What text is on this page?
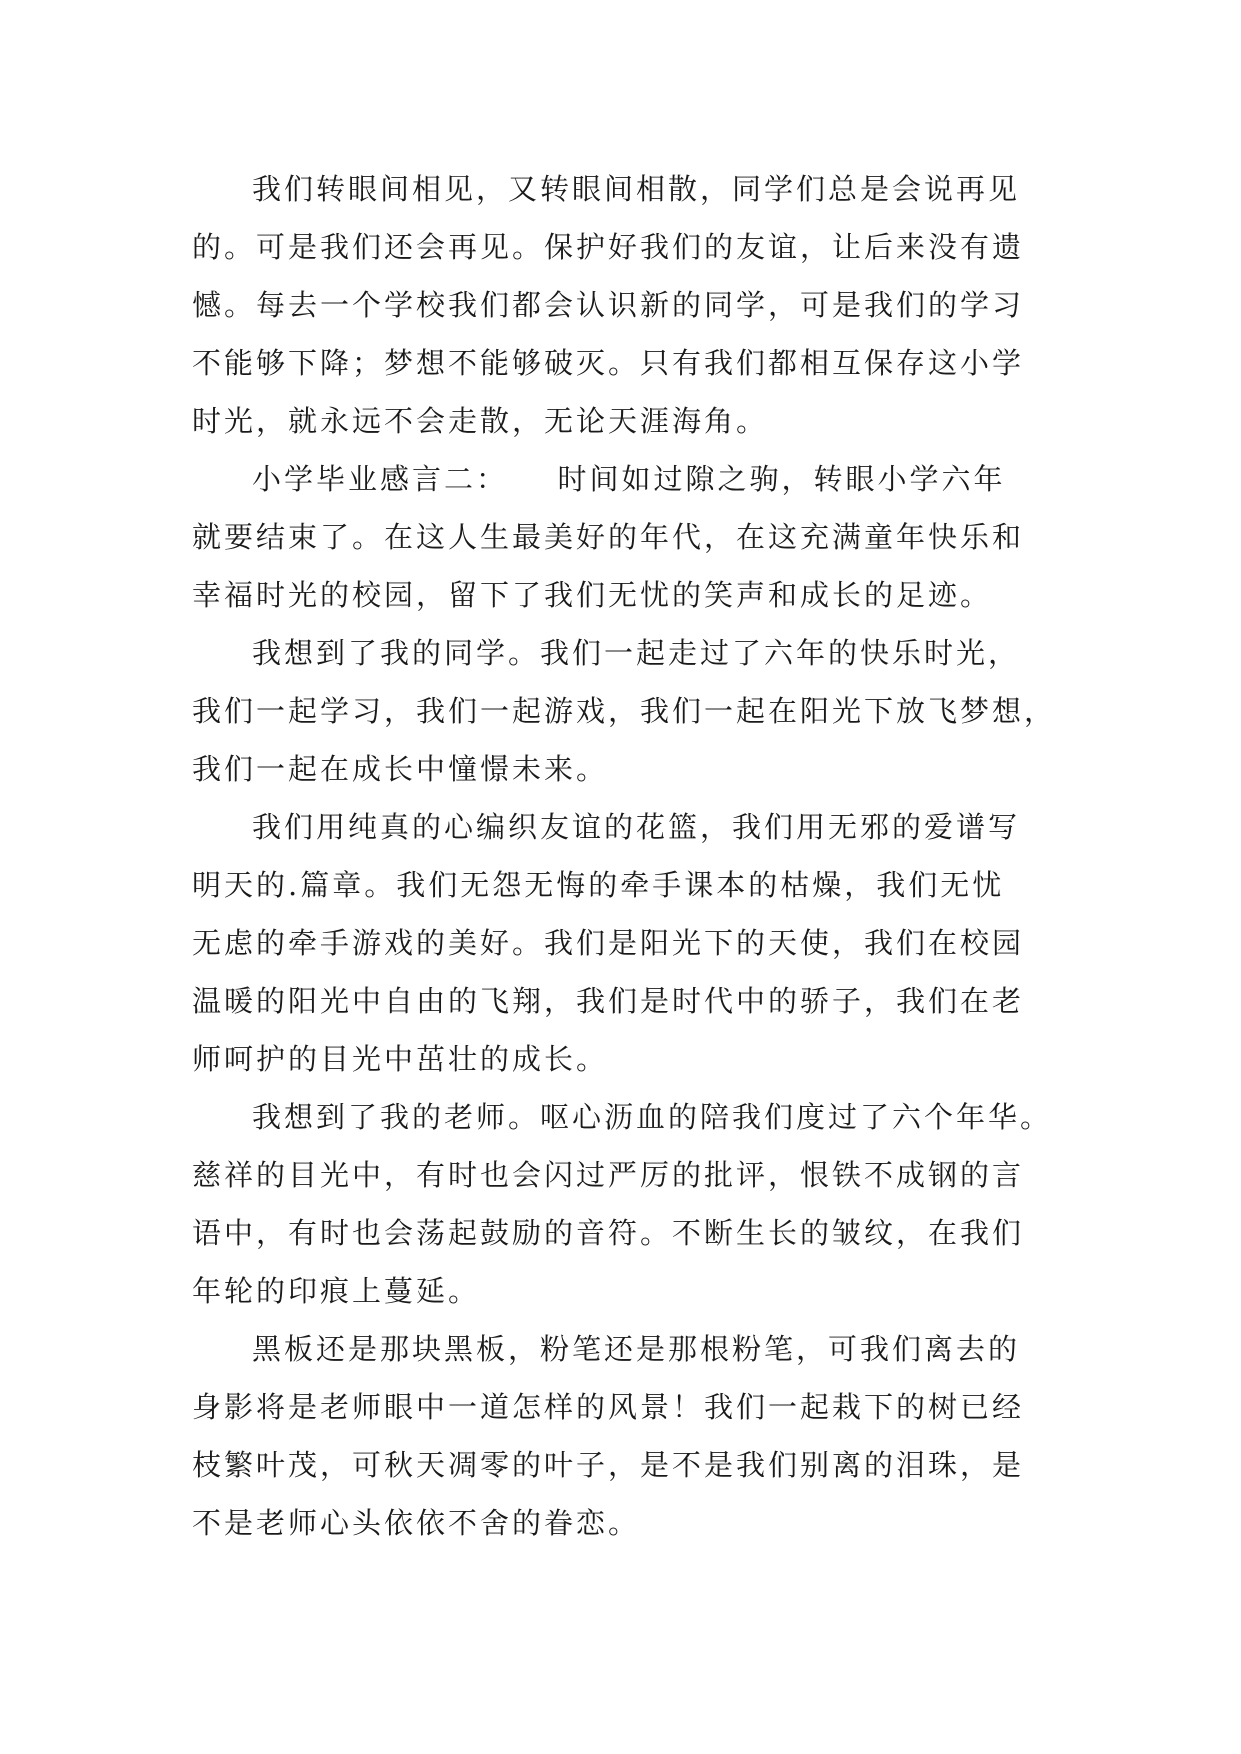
我们转眼间相见，又转眼间相散，同学们总是会说再见
的。可是我们还会再见。保护好我们的友谊，让后来没有遗
憾。每去一个学校我们都会认识新的同学，可是我们的学习
不能够下降；梦想不能够破灭。只有我们都相互保存这小学
时光，就永远不会走散，无论天涯海角。

小学毕业感言二：　　时间如过隙之驹，转眼小学六年
就要结束了。在这人生最美好的年代，在这充满童年快乐和
幸福时光的校园，留下了我们无忧的笑声和成长的足迹。

我想到了我的同学。我们一起走过了六年的快乐时光，
我们一起学习，我们一起游戏，我们一起在阳光下放飞梦想，
我们一起在成长中憧憬未来。

我们用纯真的心编织友谊的花篮，我们用无邪的爱谱写
明天的.篇章。我们无怨无悔的牵手课本的枯燥，我们无忧
无虑的牵手游戏的美好。我们是阳光下的天使，我们在校园
温暖的阳光中自由的飞翔，我们是时代中的骄子，我们在老
师呵护的目光中茁壮的成长。

我想到了我的老师。呕心沥血的陪我们度过了六个年华。
慈祥的目光中，有时也会闪过严厉的批评，恨铁不成钢的言
语中，有时也会荡起鼓励的音符。不断生长的皱纹，在我们
年轮的印痕上蔓延。

黑板还是那块黑板，粉笔还是那根粉笔，可我们离去的
身影将是老师眼中一道怎样的风景！我们一起栽下的树已经
枝繁叶茂，可秋天凋零的叶子，是不是我们别离的泪珠，是
不是老师心头依依不舍的眷恋。
